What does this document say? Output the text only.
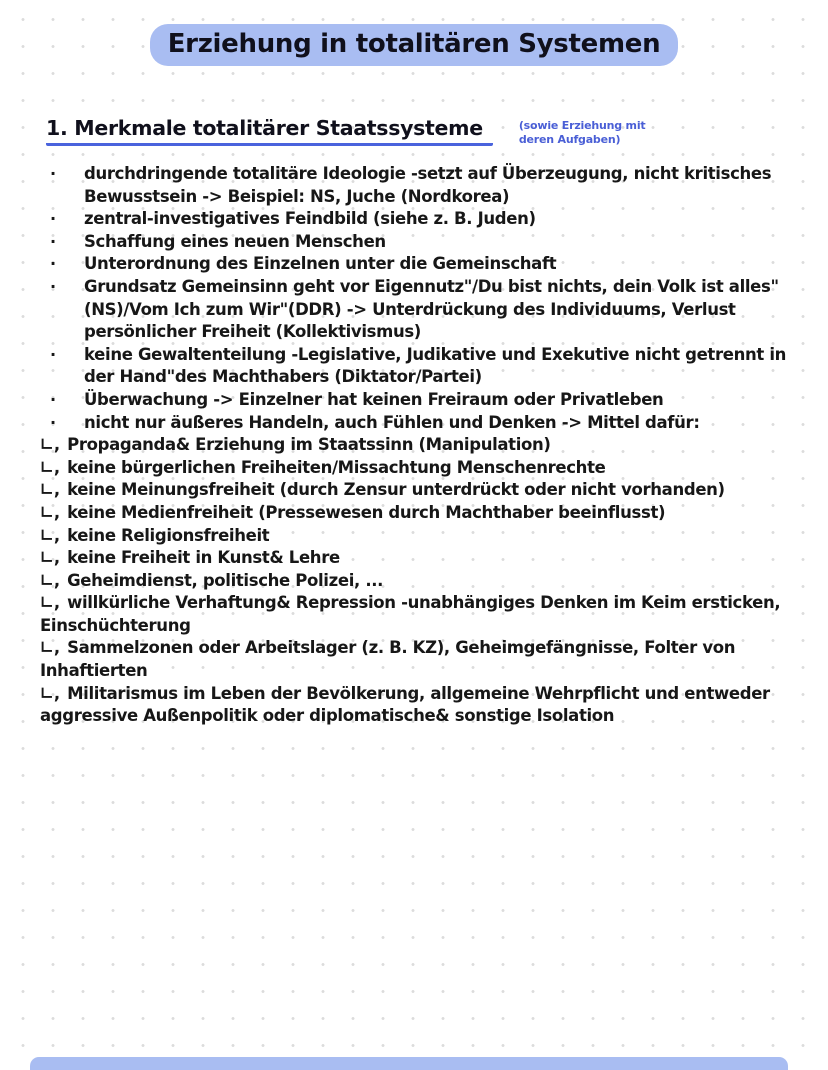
Erziehung in totalitären Systemen
1. Merkmale totalitärer Staatssysteme	(sowie Erziehung mit
deren Aufgaben)
· durchdringende totalitäre Ideologie -setzt auf Überzeugung, nicht kritisches Bewusstsein -> Beispiel: NS, Juche (Nordkorea)
· zentral-investigatives Feindbild (siehe z. B. Juden)
· Schaffung eines neuen Menschen
· Unterordnung des Einzelnen unter die Gemeinschaft
· Grundsatz Gemeinsinn geht vor Eigennutz"/Du bist nichts, dein Volk ist alles"(NS)/Vom Ich zum Wir"(DDR) -> Unterdrückung des Individuums, Verlust persönlicher Freiheit (Kollektivismus)
· keine Gewaltenteilung -Legislative, Judikative und Exekutive nicht getrennt in der Hand"des Machthabers (Diktator/Partei)
· Überwachung -> Einzelner hat keinen Freiraum oder Privatleben
· nicht nur äußeres Handeln, auch Fühlen und Denken -> Mittel dafür:
∟, Propaganda& Erziehung im Staatssinn (Manipulation)
∟, keine bürgerlichen Freiheiten/Missachtung Menschenrechte
∟, keine Meinungsfreiheit (durch Zensur unterdrückt oder nicht vorhanden)
∟, keine Medienfreiheit (Pressewesen durch Machthaber beeinflusst)
∟, keine Religionsfreiheit
∟, keine Freiheit in Kunst& Lehre
∟, Geheimdienst, politische Polizei, ...
∟, willkürliche Verhaftung& Repression -unabhängiges Denken im Keim ersticken, Einschüchterung
∟, Sammelzonen oder Arbeitslager (z. B. KZ), Geheimgefängnisse, Folter von Inhaftierten
∟, Militarismus im Leben der Bevölkerung, allgemeine Wehrpflicht und entweder aggressive Außenpolitik oder diplomatische& sonstige Isolation
